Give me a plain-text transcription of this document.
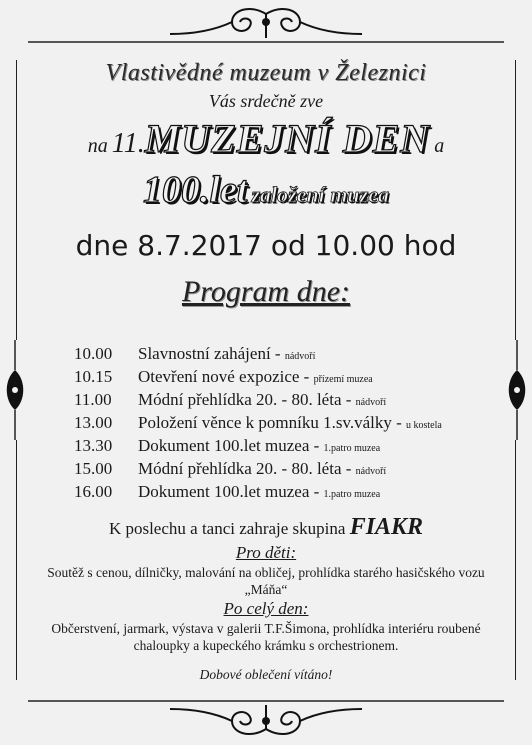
Vlastivědné muzeum v Železnici
Vás srdečně zve
na 11.MUZEJNÍ DEN a
100.let založení muzea
dne 8.7.2017 od 10.00 hod
Program dne:
10.00 Slavnostní zahájení - nádvoří
10.15 Otevření nové expozice - přízemí muzea
11.00 Módní přehlídka 20. - 80. léta - nádvoří
13.00 Položení věnce k pomníku 1.sv.války - u kostela
13.30 Dokument 100.let muzea - 1.patro muzea
15.00 Módní přehlídka 20. - 80. léta - nádvoří
16.00 Dokument 100.let muzea - 1.patro muzea
K poslechu a tanci zahraje skupina FIAKR
Pro děti:
Soutěž s cenou, dílničky, malování na obličej, prohlídka starého hasičského vozu „Máňa“
Po celý den:
Občerstvení, jarmark, výstava v galerii T.F.Šimona, prohlídka interiéru roubené chaloupky a kupeckého krámku s orchestrionem.
Dobové oblečení vítáno!
